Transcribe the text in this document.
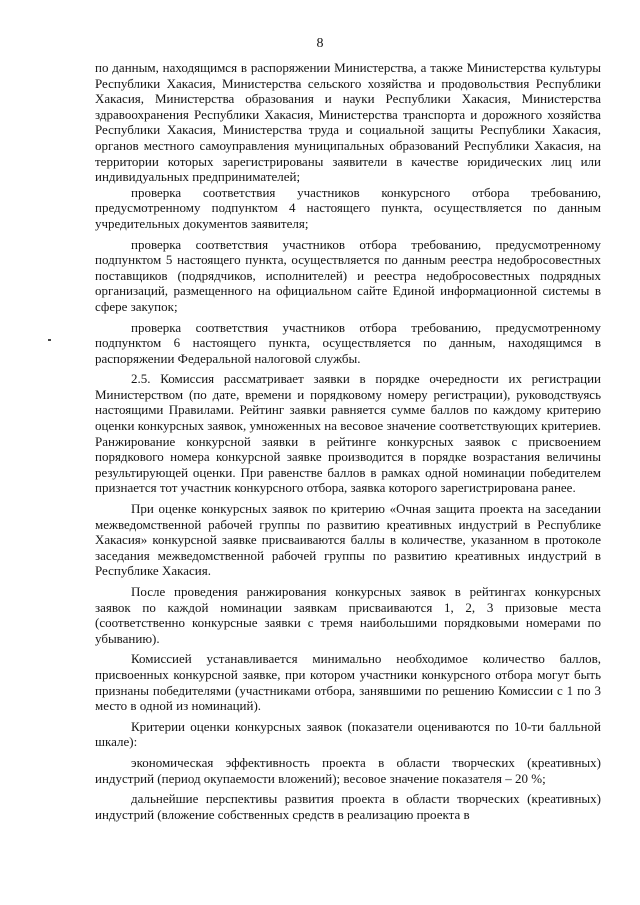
8

по данным, находящимся в распоряжении Министерства, а также Министерства культуры Республики Хакасия, Министерства сельского хозяйства и продовольствия Республики Хакасия, Министерства образования и науки Республики Хакасия, Министерства здравоохранения Республики Хакасия, Министерства транспорта и дорожного хозяйства Республики Хакасия, Министерства труда и социальной защиты Республики Хакасия, органов местного самоуправления муниципальных образований Республики Хакасия, на территории которых зарегистрированы заявители в качестве юридических лиц или индивидуальных предпринимателей;

проверка соответствия участников конкурсного отбора требованию, предусмотренному подпунктом 4 настоящего пункта, осуществляется по данным учредительных документов заявителя;

проверка соответствия участников отбора требованию, предусмотренному подпунктом 5 настоящего пункта, осуществляется по данным реестра недобросовестных поставщиков (подрядчиков, исполнителей) и реестра недобросовестных подрядных организаций, размещенного на официальном сайте Единой информационной системы в сфере закупок;

проверка соответствия участников отбора требованию, предусмотренному подпунктом 6 настоящего пункта, осуществляется по данным, находящимся в распоряжении Федеральной налоговой службы.

2.5. Комиссия рассматривает заявки в порядке очередности их регистрации Министерством (по дате, времени и порядковому номеру регистрации), руководствуясь настоящими Правилами. Рейтинг заявки равняется сумме баллов по каждому критерию оценки конкурсных заявок, умноженных на весовое значение соответствующих критериев. Ранжирование конкурсной заявки в рейтинге конкурсных заявок с присвоением порядкового номера конкурсной заявке производится в порядке возрастания величины результирующей оценки. При равенстве баллов в рамках одной номинации победителем признается тот участник конкурсного отбора, заявка которого зарегистрирована ранее.

При оценке конкурсных заявок по критерию «Очная защита проекта на заседании межведомственной рабочей группы по развитию креативных индустрий в Республике Хакасия» конкурсной заявке присваиваются баллы в количестве, указанном в протоколе заседания межведомственной рабочей группы по развитию креативных индустрий в Республике Хакасия.

После проведения ранжирования конкурсных заявок в рейтингах конкурсных заявок по каждой номинации заявкам присваиваются 1, 2, 3 призовые места (соответственно конкурсные заявки с тремя наибольшими порядковыми номерами по убыванию).

Комиссией устанавливается минимально необходимое количество баллов, присвоенных конкурсной заявке, при котором участники конкурсного отбора могут быть признаны победителями (участниками отбора, занявшими по решению Комиссии с 1 по 3 место в одной из номинаций).

Критерии оценки конкурсных заявок (показатели оцениваются по 10-ти балльной шкале):

экономическая эффективность проекта в области творческих (креативных) индустрий (период окупаемости вложений); весовое значение показателя – 20 %;

дальнейшие перспективы развития проекта в области творческих (креативных) индустрий (вложение собственных средств в реализацию проекта в
